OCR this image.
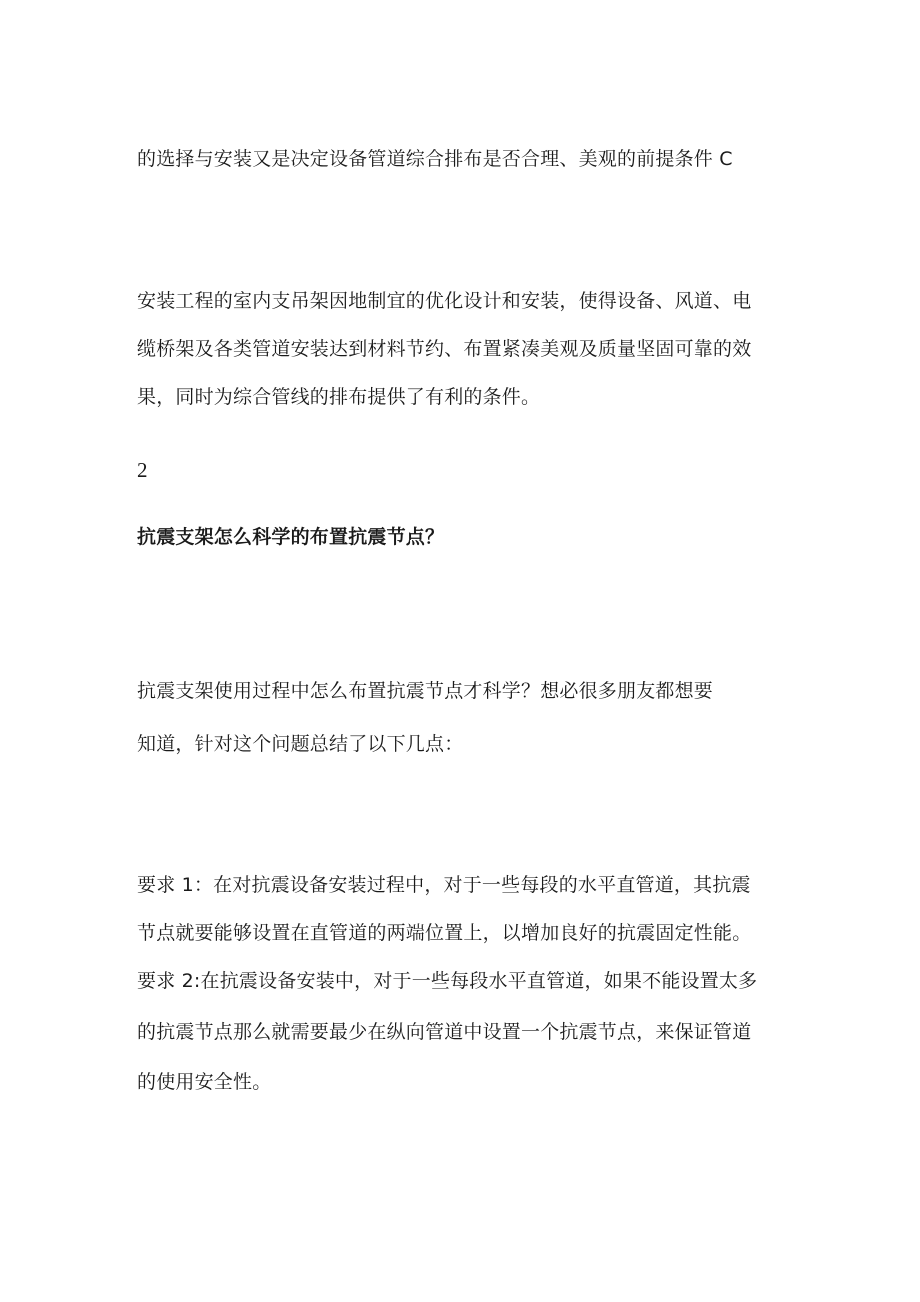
的选择与安装又是决定设备管道综合排布是否合理、美观的前提条件 C
安装工程的室内支吊架因地制宜的优化设计和安装，使得设备、风道、电
缆桥架及各类管道安装达到材料节约、布置紧凑美观及质量坚固可靠的效
果，同时为综合管线的排布提供了有利的条件。
2
抗震支架怎么科学的布置抗震节点？
抗震支架使用过程中怎么布置抗震节点才科学？想必很多朋友都想要
知道，针对这个问题总结了以下几点：
要求 1：在对抗震设备安装过程中，对于一些每段的水平直管道，其抗震
节点就要能够设置在直管道的两端位置上，以增加良好的抗震固定性能。
要求 2:在抗震设备安装中，对于一些每段水平直管道，如果不能设置太多
的抗震节点那么就需要最少在纵向管道中设置一个抗震节点，来保证管道
的使用安全性。
